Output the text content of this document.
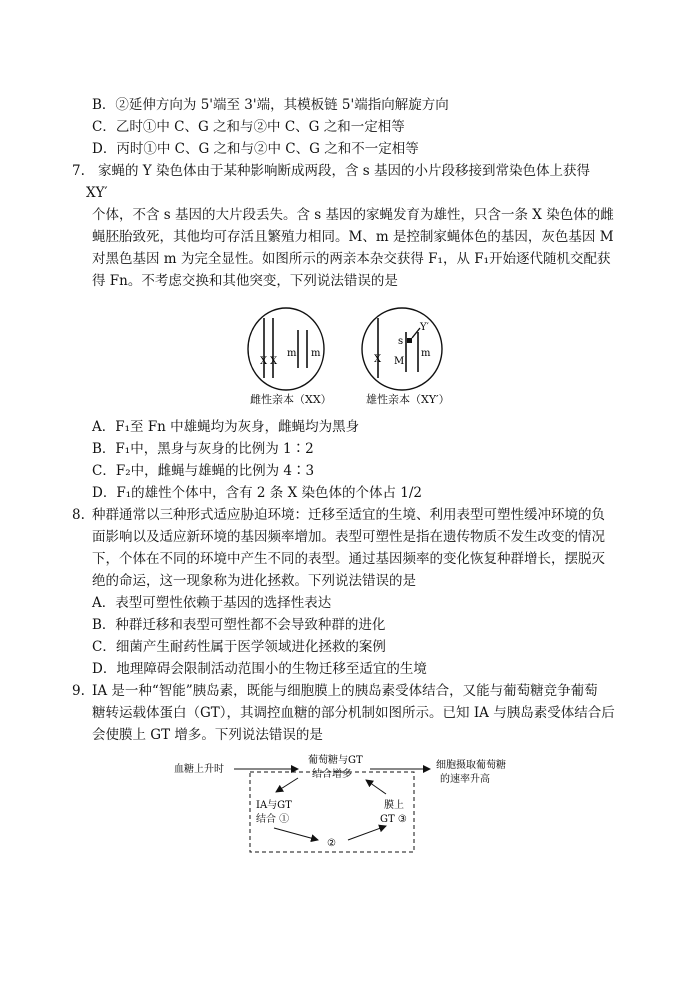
B．②延伸方向为 5'端至 3'端，其模板链 5'端指向解旋方向
C．乙时①中 C、G 之和与②中 C、G 之和一定相等
D．丙时①中 C、G 之和与②中 C、G 之和不一定相等
7. 家蝇的 Y 染色体由于某种影响断成两段，含 s 基因的小片段移接到常染色体上获得
XY′
个体，不含 s 基因的大片段丢失。含 s 基因的家蝇发育为雄性，只含一条 X 染色体的雌
蝇胚胎致死，其他均可存活且繁殖力相同。M、m 是控制家蝇体色的基因，灰色基因 M
对黑色基因 m 为完全显性。如图所示的两亲本杂交获得 F₁，从 F₁开始逐代随机交配获
得 Fn。不考虑交换和其他突变，下列说法错误的是
X X
m m
X M
m
s
Y′
雌性亲本（XX）	雄性亲本（XY′）
A．F₁至 Fn 中雄蝇均为灰身，雌蝇均为黑身
B．F₁中，黑身与灰身的比例为 1∶2
C．F₂中，雌蝇与雄蝇的比例为 4∶3
D．F₁的雄性个体中，含有 2 条 X 染色体的个体占 1/2
8. 种群通常以三种形式适应胁迫环境：迁移至适宜的生境、利用表型可塑性缓冲环境的负
面影响以及适应新环境的基因频率增加。表型可塑性是指在遗传物质不发生改变的情况
下，个体在不同的环境中产生不同的表型。通过基因频率的变化恢复种群增长，摆脱灭
绝的命运，这一现象称为进化拯救。下列说法错误的是
A．表型可塑性依赖于基因的选择性表达
B．种群迁移和表型可塑性都不会导致种群的进化
C．细菌产生耐药性属于医学领域进化拯救的案例
D．地理障碍会限制活动范围小的生物迁移至适宜的生境
9. IA 是一种“智能”胰岛素，既能与细胞膜上的胰岛素受体结合，又能与葡萄糖竞争葡萄
糖转运载体蛋白（GT），其调控血糖的部分机制如图所示。已知 IA 与胰岛素受体结合后
会使膜上 GT 增多。下列说法错误的是
血糖上升时
葡萄糖与GT
结合增多
细胞摄取葡萄糖
的速率升高
IA与GT
结合 ①
②
膜上
GT ③
